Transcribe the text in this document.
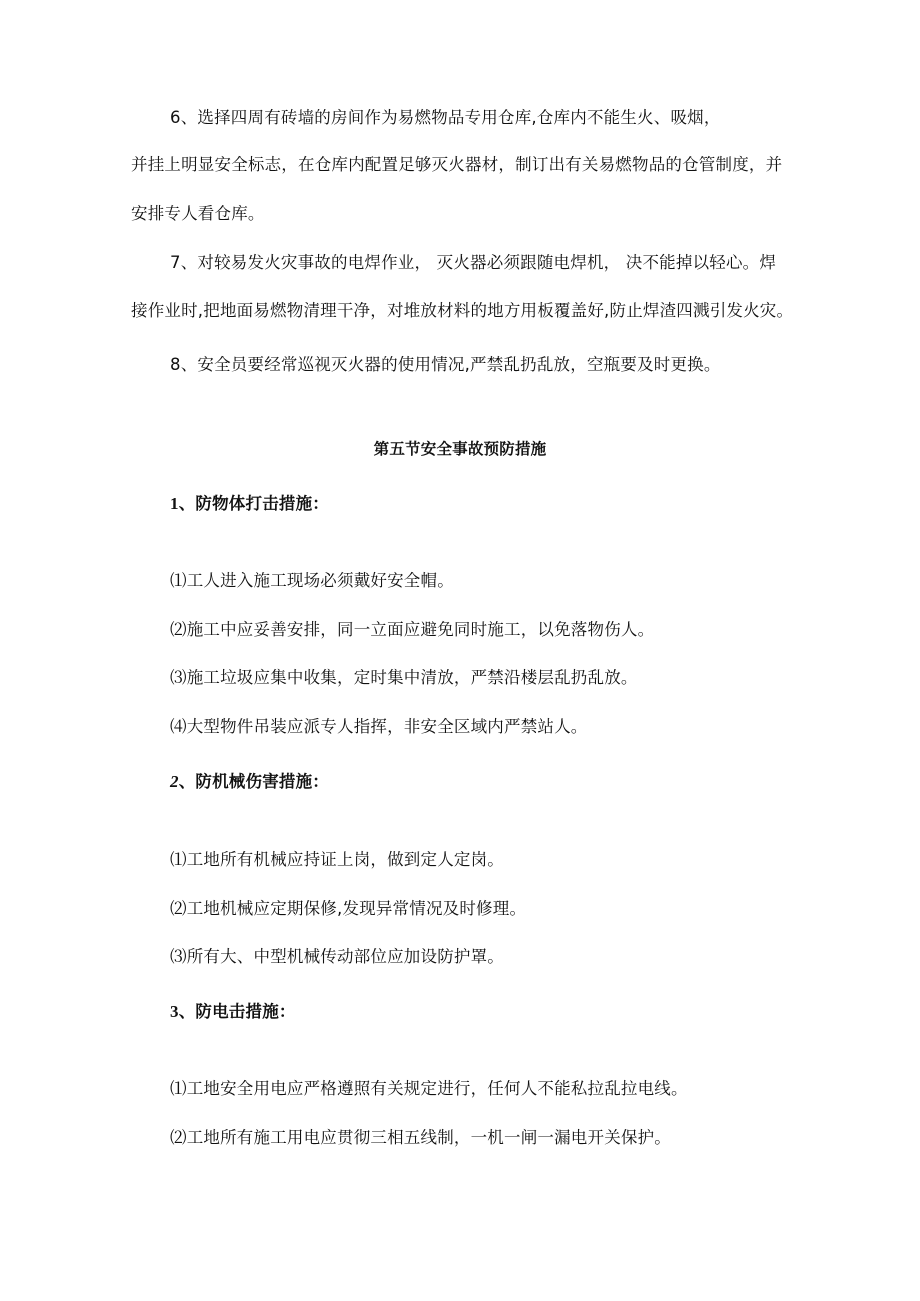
6、选择四周有砖墙的房间作为易燃物品专用仓库,仓库内不能生火、吸烟，
并挂上明显安全标志，在仓库内配置足够灭火器材，制订出有关易燃物品的仓管制度，并
安排专人看仓库。
7、对较易发火灾事故的电焊作业， 灭火器必须跟随电焊机， 决不能掉以轻心。焊
接作业时,把地面易燃物清理干净，对堆放材料的地方用板覆盖好,防止焊渣四溅引发火灾。
8、安全员要经常巡视灭火器的使用情况,严禁乱扔乱放，空瓶要及时更换。
第五节安全事故预防措施
1、防物体打击措施：
⑴工人进入施工现场必须戴好安全帽。
⑵施工中应妥善安排，同一立面应避免同时施工，以免落物伤人。
⑶施工垃圾应集中收集，定时集中清放，严禁沿楼层乱扔乱放。
⑷大型物件吊装应派专人指挥，非安全区域内严禁站人。
2、防机械伤害措施：
⑴工地所有机械应持证上岗，做到定人定岗。
⑵工地机械应定期保修,发现异常情况及时修理。
⑶所有大、中型机械传动部位应加设防护罩。
3、防电击措施：
⑴工地安全用电应严格遵照有关规定进行，任何人不能私拉乱拉电线。
⑵工地所有施工用电应贯彻三相五线制，一机一闸一漏电开关保护。
